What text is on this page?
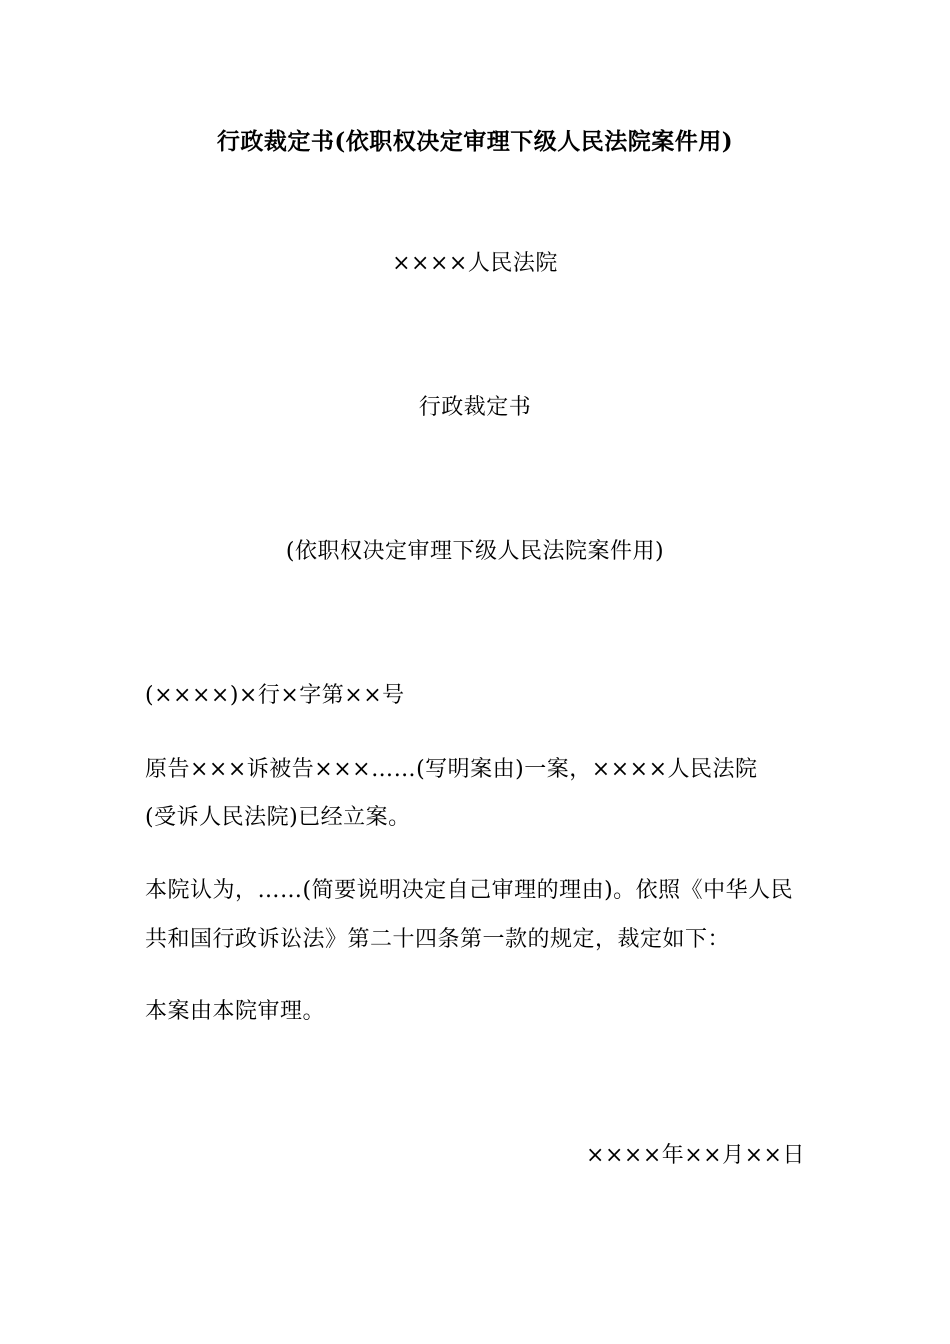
行政裁定书(依职权决定审理下级人民法院案件用)
××××人民法院
行政裁定书
(依职权决定审理下级人民法院案件用)
(××××)×行×字第××号
原告×××诉被告×××……(写明案由)一案，××××人民法院
(受诉人民法院)已经立案。
本院认为，……(简要说明决定自己审理的理由)。依照《中华人民
共和国行政诉讼法》第二十四条第一款的规定，裁定如下：
本案由本院审理。
××××年××月××日
